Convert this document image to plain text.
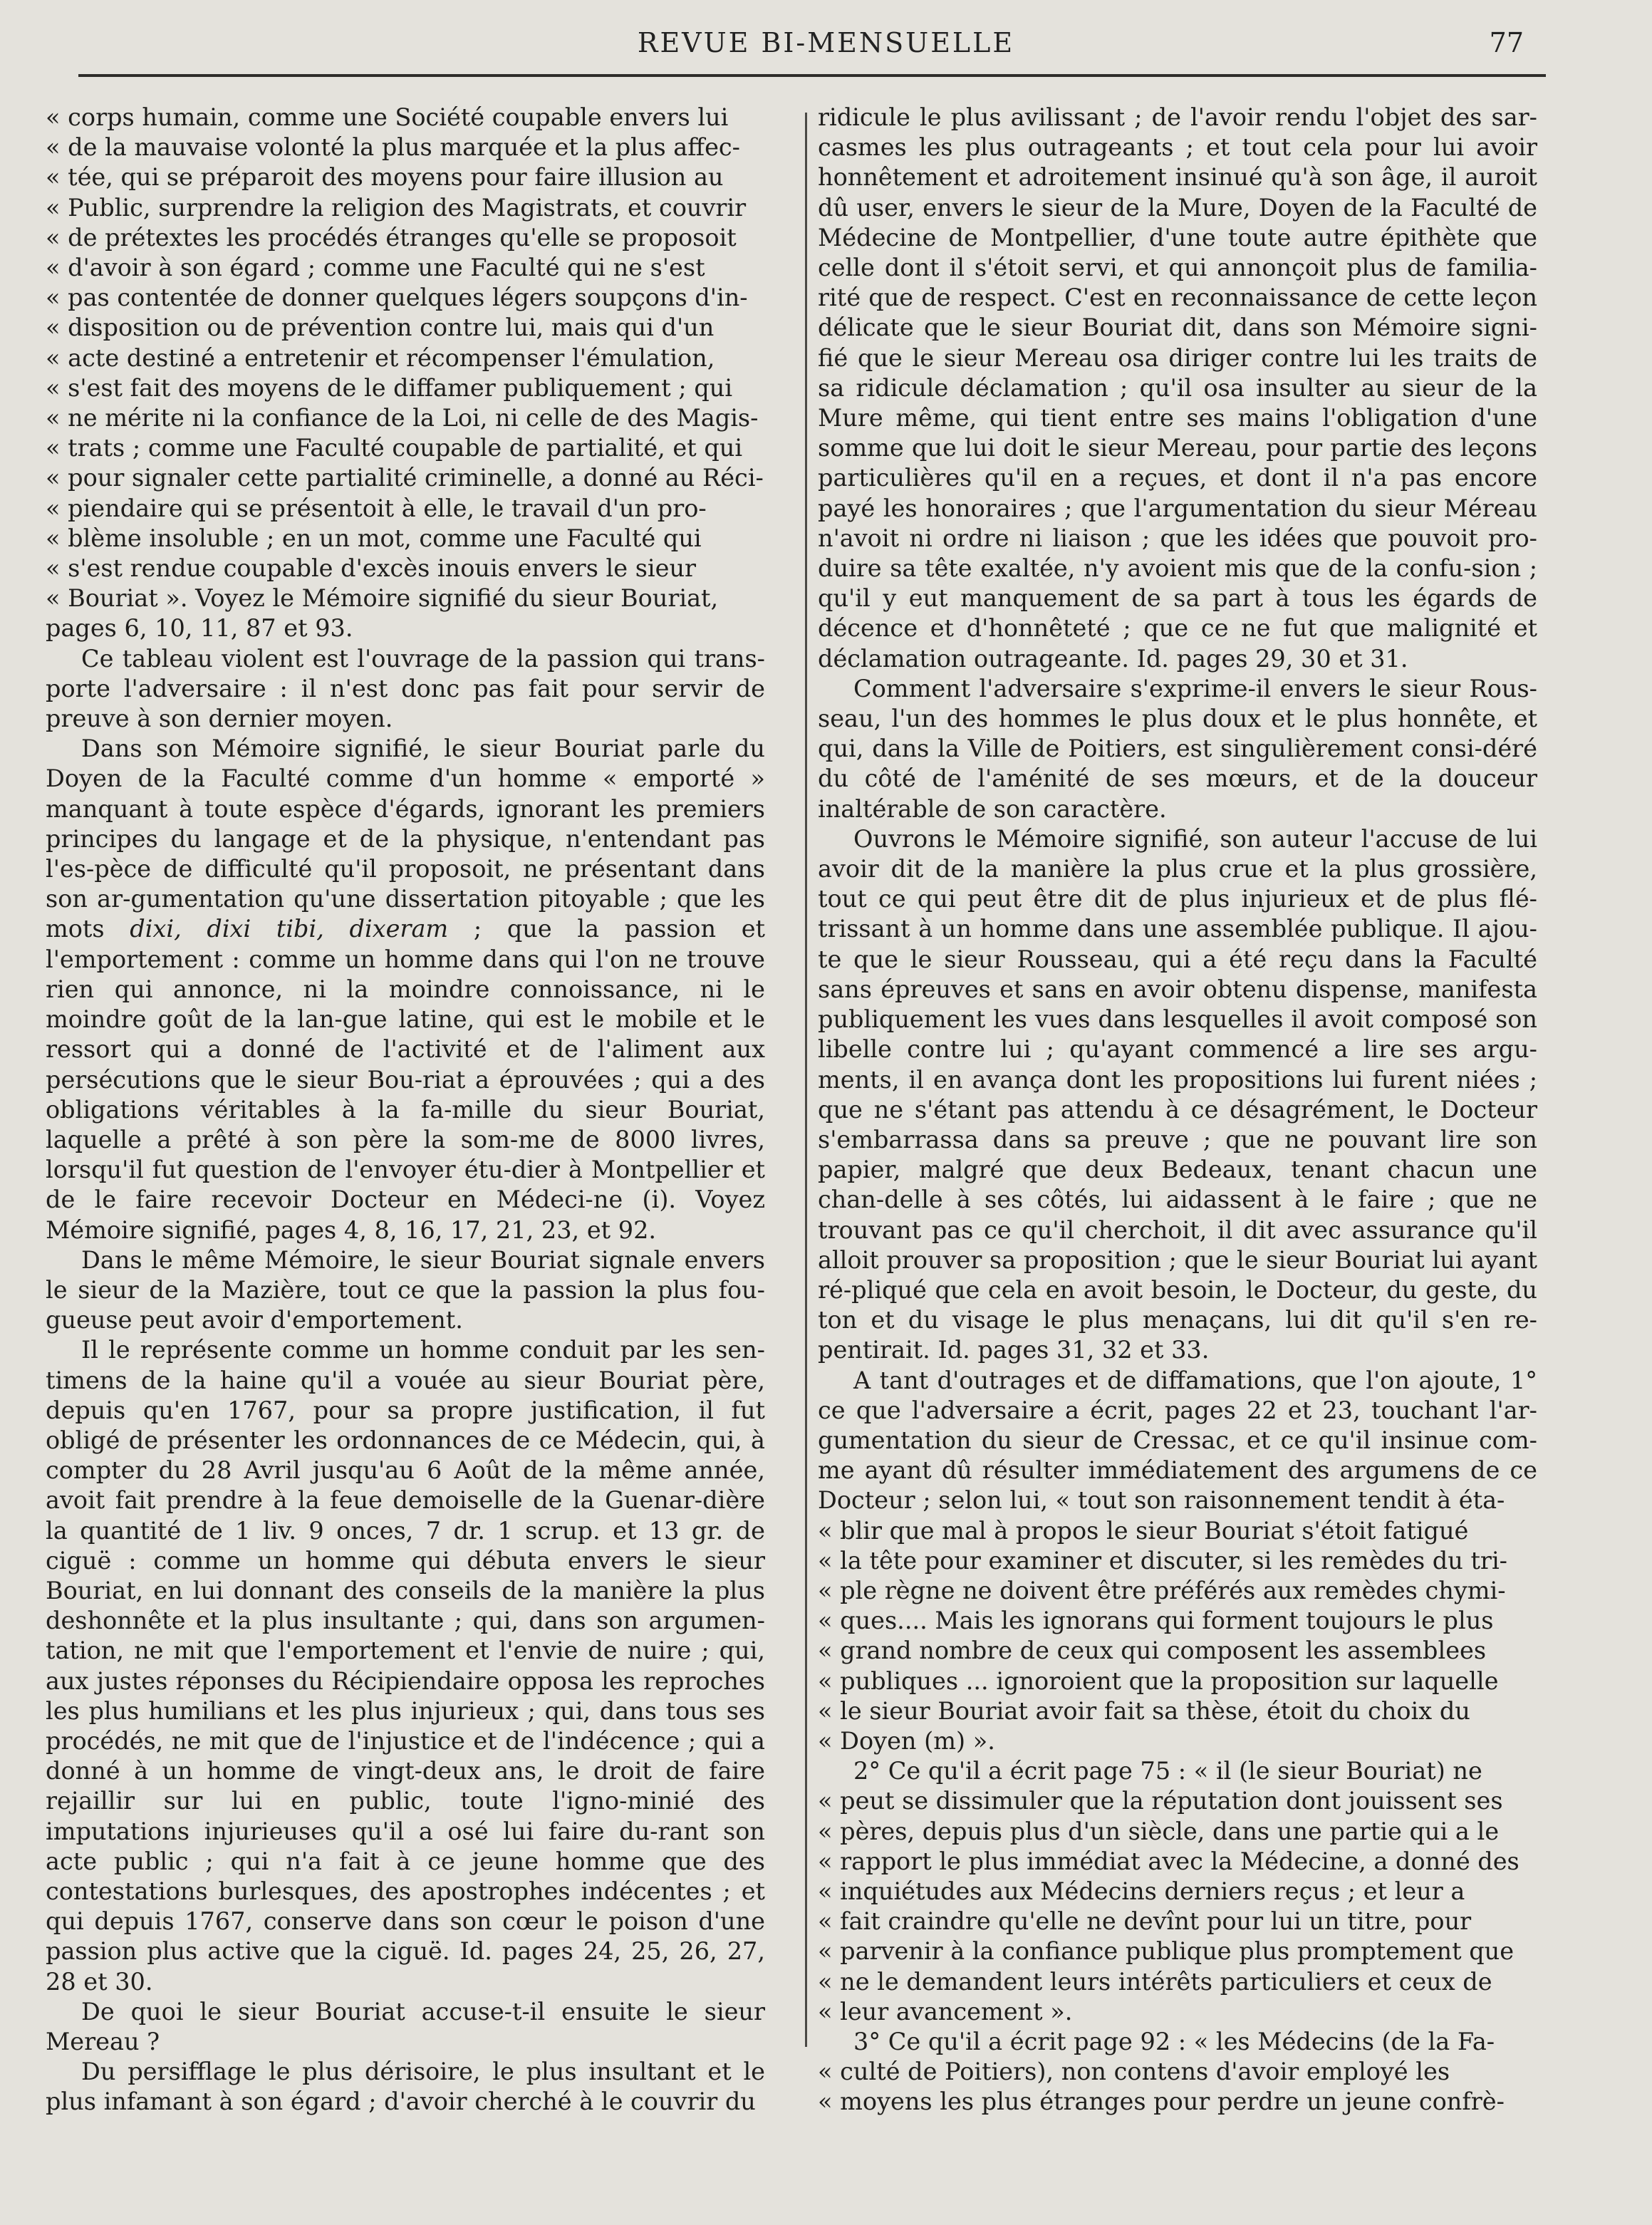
REVUE BI-MENSUELLE	77

« corps humain, comme une Société coupable envers lui
« de la mauvaise volonté la plus marquée et la plus affec-
« tée, qui se préparoit des moyens pour faire illusion au
« Public, surprendre la religion des Magistrats, et couvrir
« de prétextes les procédés étranges qu'elle se proposoit
« d'avoir à son égard ; comme une Faculté qui ne s'est
« pas contentée de donner quelques légers soupçons d'in-
« disposition ou de prévention contre lui, mais qui d'un
« acte destiné a entretenir et récompenser l'émulation,
« s'est fait des moyens de le diffamer publiquement ; qui
« ne mérite ni la confiance de la Loi, ni celle de des Magis-
« trats ; comme une Faculté coupable de partialité, et qui
« pour signaler cette partialité criminelle, a donné au Réci-
« piendaire qui se présentoit à elle, le travail d'un pro-
« blème insoluble ; en un mot, comme une Faculté qui
« s'est rendue coupable d'excès inouis envers le sieur
« Bouriat ». Voyez le Mémoire signifié du sieur Bouriat,

pages 6, 10, 11, 87 et 93.

Ce tableau violent est l'ouvrage de la passion qui trans-porte l'adversaire : il n'est donc pas fait pour servir de preuve à son dernier moyen.

Dans son Mémoire signifié, le sieur Bouriat parle du Doyen de la Faculté comme d'un homme « emporté » manquant à toute espèce d'égards, ignorant les premiers principes du langage et de la physique, n'entendant pas l'es-pèce de difficulté qu'il proposoit, ne présentant dans son ar-gumentation qu'une dissertation pitoyable ; que les mots dixi, dixi tibi, dixeram ; que la passion et l'emportement : comme un homme dans qui l'on ne trouve rien qui annonce, ni la moindre connoissance, ni le moindre goût de la lan-gue latine, qui est le mobile et le ressort qui a donné de l'activité et de l'aliment aux persécutions que le sieur Bou-riat a éprouvées ; qui a des obligations véritables à la fa-mille du sieur Bouriat, laquelle a prêté à son père la som-me de 8000 livres, lorsqu'il fut question de l'envoyer étu-dier à Montpellier et de le faire recevoir Docteur en Médeci-ne (i). Voyez Mémoire signifié, pages 4, 8, 16, 17, 21, 23, et 92.

Dans le même Mémoire, le sieur Bouriat signale envers le sieur de la Mazière, tout ce que la passion la plus fou-gueuse peut avoir d'emportement.

Il le représente comme un homme conduit par les sen-timens de la haine qu'il a vouée au sieur Bouriat père, depuis qu'en 1767, pour sa propre justification, il fut obligé de présenter les ordonnances de ce Médecin, qui, à compter du 28 Avril jusqu'au 6 Août de la même année, avoit fait prendre à la feue demoiselle de la Guenar-dière la quantité de 1 liv. 9 onces, 7 dr. 1 scrup. et 13 gr. de ciguë : comme un homme qui débuta envers le sieur Bouriat, en lui donnant des conseils de la manière la plus deshonnête et la plus insultante ; qui, dans son argumen-tation, ne mit que l'emportement et l'envie de nuire ; qui, aux justes réponses du Récipiendaire opposa les reproches les plus humilians et les plus injurieux ; qui, dans tous ses procédés, ne mit que de l'injustice et de l'indécence ; qui a donné à un homme de vingt-deux ans, le droit de faire rejaillir sur lui en public, toute l'igno-minié des imputations injurieuses qu'il a osé lui faire du-rant son acte public ; qui n'a fait à ce jeune homme que des contestations burlesques, des apostrophes indécentes ; et qui depuis 1767, conserve dans son cœur le poison d'une passion plus active que la ciguë. Id. pages 24, 25, 26, 27, 28 et 30.

De quoi le sieur Bouriat accuse-t-il ensuite le sieur Mereau ?

Du persifflage le plus dérisoire, le plus insultant et le plus infamant à son égard ; d'avoir cherché à le couvrir du

ridicule le plus avilissant ; de l'avoir rendu l'objet des sar-casmes les plus outrageants ; et tout cela pour lui avoir honnêtement et adroitement insinué qu'à son âge, il auroit dû user, envers le sieur de la Mure, Doyen de la Faculté de Médecine de Montpellier, d'une toute autre épithète que celle dont il s'étoit servi, et qui annonçoit plus de familia-rité que de respect. C'est en reconnaissance de cette leçon délicate que le sieur Bouriat dit, dans son Mémoire signi-fié que le sieur Mereau osa diriger contre lui les traits de sa ridicule déclamation ; qu'il osa insulter au sieur de la Mure même, qui tient entre ses mains l'obligation d'une somme que lui doit le sieur Mereau, pour partie des leçons particulières qu'il en a reçues, et dont il n'a pas encore payé les honoraires ; que l'argumentation du sieur Méreau n'avoit ni ordre ni liaison ; que les idées que pouvoit pro-duire sa tête exaltée, n'y avoient mis que de la confu-sion ; qu'il y eut manquement de sa part à tous les égards de décence et d'honnêteté ; que ce ne fut que malignité et déclamation outrageante. Id. pages 29, 30 et 31.

Comment l'adversaire s'exprime-il envers le sieur Rous-seau, l'un des hommes le plus doux et le plus honnête, et qui, dans la Ville de Poitiers, est singulièrement consi-déré du côté de l'aménité de ses mœurs, et de la douceur inaltérable de son caractère.

Ouvrons le Mémoire signifié, son auteur l'accuse de lui avoir dit de la manière la plus crue et la plus grossière, tout ce qui peut être dit de plus injurieux et de plus flé-trissant à un homme dans une assemblée publique. Il ajou-te que le sieur Rousseau, qui a été reçu dans la Faculté sans épreuves et sans en avoir obtenu dispense, manifesta publiquement les vues dans lesquelles il avoit composé son libelle contre lui ; qu'ayant commencé a lire ses argu-ments, il en avança dont les propositions lui furent niées ; que ne s'étant pas attendu à ce désagrément, le Docteur s'embarrassa dans sa preuve ; que ne pouvant lire son papier, malgré que deux Bedeaux, tenant chacun une chan-delle à ses côtés, lui aidassent à le faire ; que ne trouvant pas ce qu'il cherchoit, il dit avec assurance qu'il alloit prouver sa proposition ; que le sieur Bouriat lui ayant ré-pliqué que cela en avoit besoin, le Docteur, du geste, du ton et du visage le plus menaçans, lui dit qu'il s'en re-pentirait. Id. pages 31, 32 et 33.

A tant d'outrages et de diffamations, que l'on ajoute, 1° ce que l'adversaire a écrit, pages 22 et 23, touchant l'ar-gumentation du sieur de Cressac, et ce qu'il insinue com-me ayant dû résulter immédiatement des argumens de ce Docteur ; selon lui, « tout son raisonnement tendit à éta-

« blir que mal à propos le sieur Bouriat s'étoit fatigué
« la tête pour examiner et discuter, si les remèdes du tri-
« ple règne ne doivent être préférés aux remèdes chymi-
« ques.... Mais les ignorans qui forment toujours le plus
« grand nombre de ceux qui composent les assemblees
« publiques ... ignoroient que la proposition sur laquelle
« le sieur Bouriat avoir fait sa thèse, étoit du choix du
« Doyen (m) ».

2° Ce qu'il a écrit page 75 : « il (le sieur Bouriat) ne

« peut se dissimuler que la réputation dont jouissent ses
« pères, depuis plus d'un siècle, dans une partie qui a le
« rapport le plus immédiat avec la Médecine, a donné des
« inquiétudes aux Médecins derniers reçus ; et leur a
« fait craindre qu'elle ne devînt pour lui un titre, pour
« parvenir à la confiance publique plus promptement que
« ne le demandent leurs intérêts particuliers et ceux de
« leur avancement ».

3° Ce qu'il a écrit page 92 : « les Médecins (de la Fa-

« culté de Poitiers), non contens d'avoir employé les
« moyens les plus étranges pour perdre un jeune confrè-
